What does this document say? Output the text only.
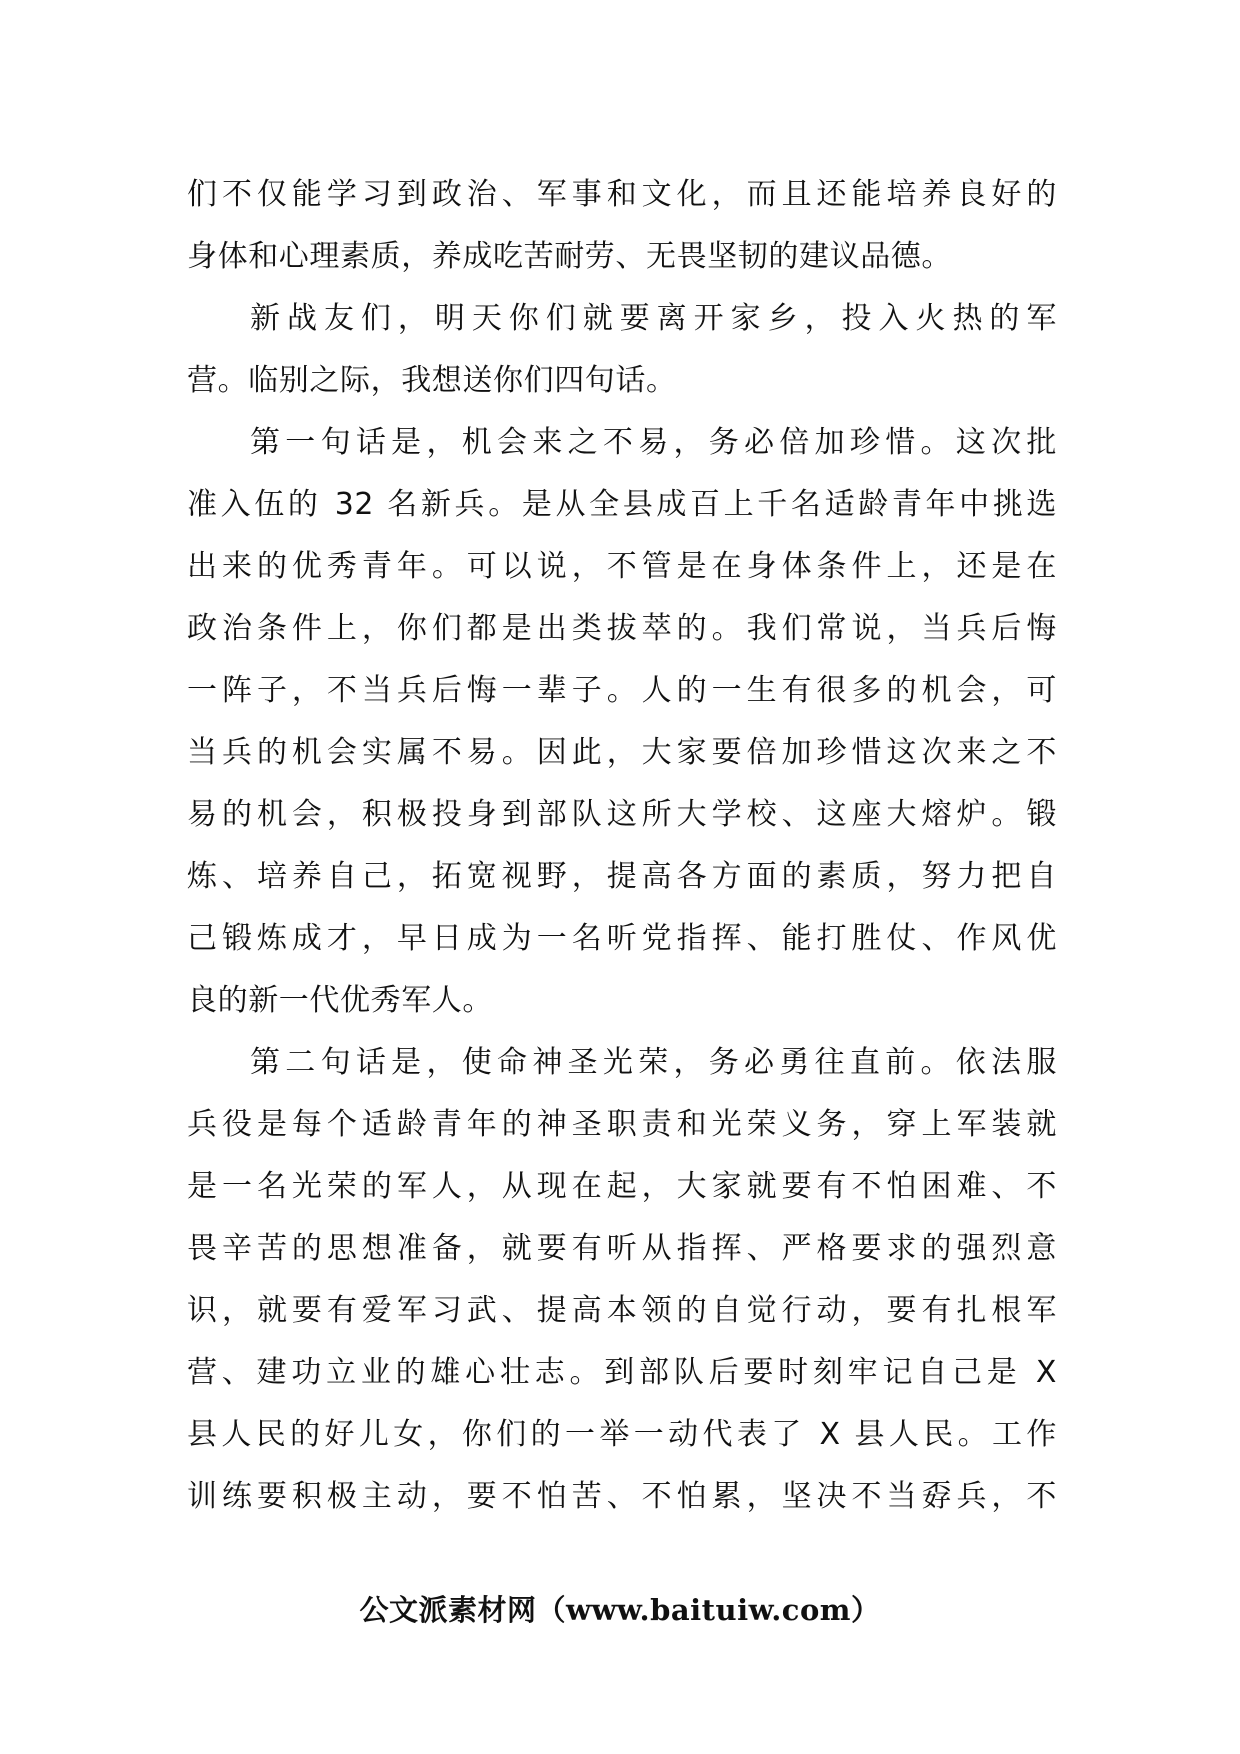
们不仅能学习到政治、军事和文化，而且还能培养良好的
身体和心理素质，养成吃苦耐劳、无畏坚韧的建议品德。
新战友们，明天你们就要离开家乡，投入火热的军
营。临别之际，我想送你们四句话。
第一句话是，机会来之不易，务必倍加珍惜。这次批
准入伍的 32 名新兵。是从全县成百上千名适龄青年中挑选
出来的优秀青年。可以说，不管是在身体条件上，还是在
政治条件上，你们都是出类拔萃的。我们常说，当兵后悔
一阵子，不当兵后悔一辈子。人的一生有很多的机会，可
当兵的机会实属不易。因此，大家要倍加珍惜这次来之不
易的机会，积极投身到部队这所大学校、这座大熔炉。锻
炼、培养自己，拓宽视野，提高各方面的素质，努力把自
己锻炼成才，早日成为一名听党指挥、能打胜仗、作风优
良的新一代优秀军人。
第二句话是，使命神圣光荣，务必勇往直前。依法服
兵役是每个适龄青年的神圣职责和光荣义务，穿上军装就
是一名光荣的军人，从现在起，大家就要有不怕困难、不
畏辛苦的思想准备，就要有听从指挥、严格要求的强烈意
识，就要有爱军习武、提高本领的自觉行动，要有扎根军
营、建功立业的雄心壮志。到部队后要时刻牢记自己是 X
县人民的好儿女，你们的一举一动代表了 X 县人民。工作
训练要积极主动，要不怕苦、不怕累，坚决不当孬兵，不
公文派素材网（www.baituiw.com）
